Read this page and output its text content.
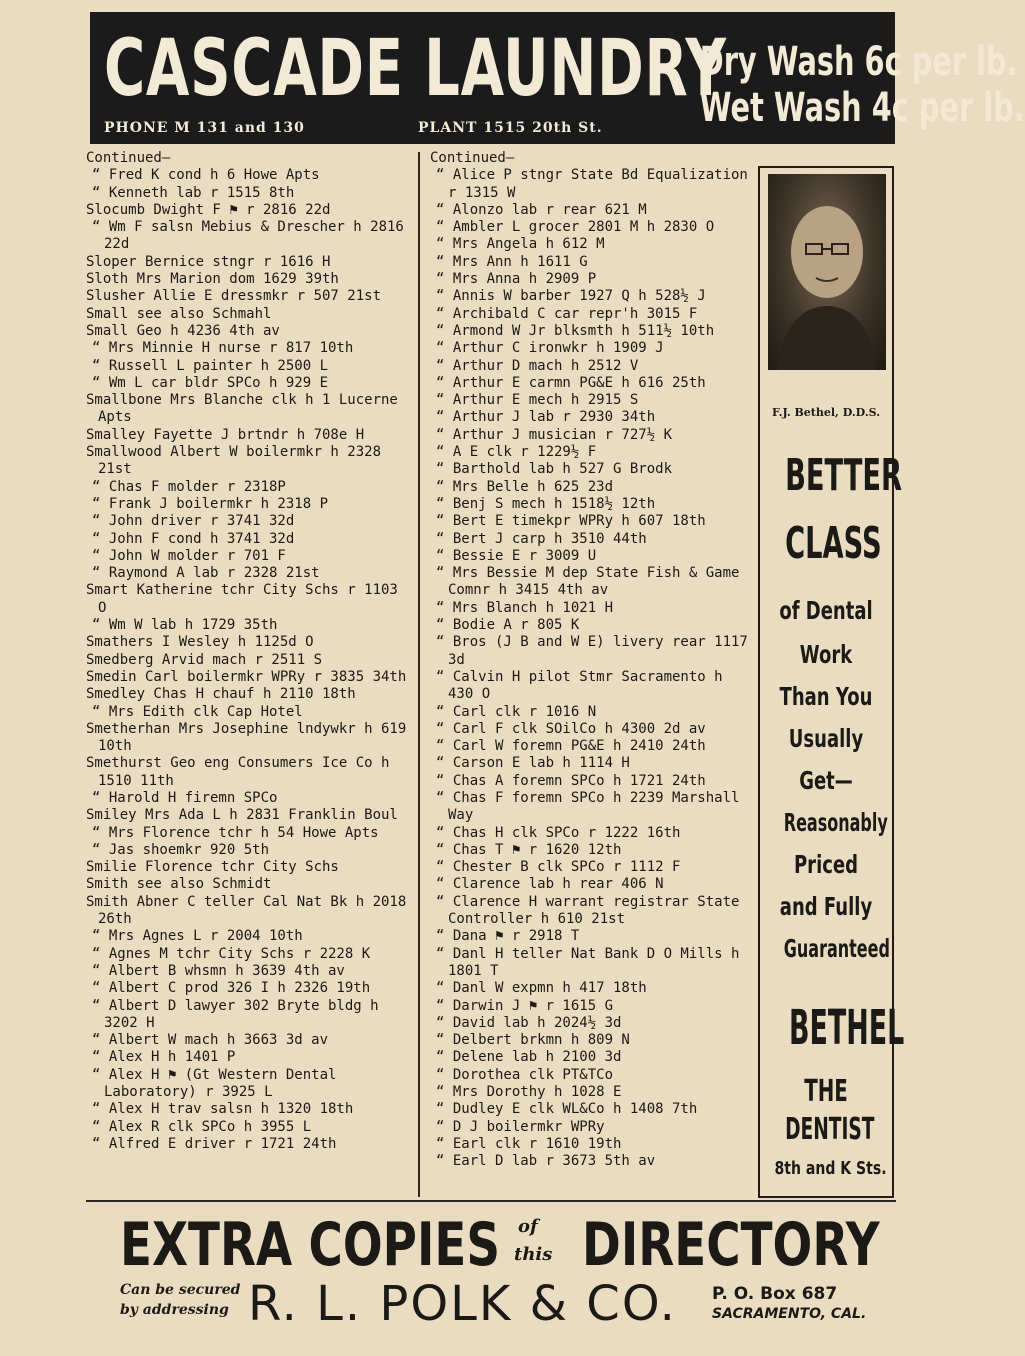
CASCADE LAUNDRY
Dry Wash 6c per lb.
Wet Wash 4c per lb.
PHONE M 131 and 130	PLANT 1515 20th St.
Continued—
“ Fred K cond h 6 Howe Apts
“ Kenneth lab r 1515 8th
Slocumb Dwight F ⚑ r 2816 22d
“ Wm F salsn Mebius & Drescher h 2816 22d
Sloper Bernice stngr r 1616 H
Sloth Mrs Marion dom 1629 39th
Slusher Allie E dressmkr r 507 21st
Small see also Schmahl
Small Geo h 4236 4th av
“ Mrs Minnie H nurse r 817 10th
“ Russell L painter h 2500 L
“ Wm L car bldr SPCo h 929 E
Smallbone Mrs Blanche clk h 1 Lucerne Apts
Smalley Fayette J brtndr h 708e H
Smallwood Albert W boilermkr h 2328 21st
“ Chas F molder r 2318P
“ Frank J boilermkr h 2318 P
“ John driver r 3741 32d
“ John F cond h 3741 32d
“ John W molder r 701 F
“ Raymond A lab r 2328 21st
Smart Katherine tchr City Schs r 1103 O
“ Wm W lab h 1729 35th
Smathers I Wesley h 1125d O
Smedberg Arvid mach r 2511 S
Smedin Carl boilermkr WPRy r 3835 34th
Smedley Chas H chauf h 2110 18th
“ Mrs Edith clk Cap Hotel
Smetherhan Mrs Josephine lndywkr h 619 10th
Smethurst Geo eng Consumers Ice Co h 1510 11th
“ Harold H firemn SPCo
Smiley Mrs Ada L h 2831 Franklin Boul
“ Mrs Florence tchr h 54 Howe Apts
“ Jas shoemkr 920 5th
Smilie Florence tchr City Schs
Smith see also Schmidt
Smith Abner C teller Cal Nat Bk h 2018 26th
“ Mrs Agnes L r 2004 10th
“ Agnes M tchr City Schs r 2228 K
“ Albert B whsmn h 3639 4th av
“ Albert C prod 326 I h 2326 19th
“ Albert D lawyer 302 Bryte bldg h 3202 H
“ Albert W mach h 3663 3d av
“ Alex H h 1401 P
“ Alex H ⚑ (Gt Western Dental Laboratory) r 3925 L
“ Alex H trav salsn h 1320 18th
“ Alex R clk SPCo h 3955 L
“ Alfred E driver r 1721 24th
Continued—
“ Alice P stngr State Bd Equalization r 1315 W
“ Alonzo lab r rear 621 M
“ Ambler L grocer 2801 M h 2830 O
“ Mrs Angela h 612 M
“ Mrs Ann h 1611 G
“ Mrs Anna h 2909 P
“ Annis W barber 1927 Q h 528½ J
“ Archibald C car repr'h 3015 F
“ Armond W Jr blksmth h 511½ 10th
“ Arthur C ironwkr h 1909 J
“ Arthur D mach h 2512 V
“ Arthur E carmn PG&E h 616 25th
“ Arthur E mech h 2915 S
“ Arthur J lab r 2930 34th
“ Arthur J musician r 727½ K
“ A E clk r 1229½ F
“ Barthold lab h 527 G Brodk
“ Mrs Belle h 625 23d
“ Benj S mech h 1518½ 12th
“ Bert E timekpr WPRy h 607 18th
“ Bert J carp h 3510 44th
“ Bessie E r 3009 U
“ Mrs Bessie M dep State Fish & Game Comnr h 3415 4th av
“ Mrs Blanch h 1021 H
“ Bodie A r 805 K
“ Bros (J B and W E) livery rear 1117 3d
“ Calvin H pilot Stmr Sacramento h 430 O
“ Carl clk r 1016 N
“ Carl F clk SOilCo h 4300 2d av
“ Carl W foremn PG&E h 2410 24th
“ Carson E lab h 1114 H
“ Chas A foremn SPCo h 1721 24th
“ Chas F foremn SPCo h 2239 Marshall Way
“ Chas H clk SPCo r 1222 16th
“ Chas T ⚑ r 1620 12th
“ Chester B clk SPCo r 1112 F
“ Clarence lab h rear 406 N
“ Clarence H warrant registrar State Controller h 610 21st
“ Dana ⚑ r 2918 T
“ Danl H teller Nat Bank D O Mills h 1801 T
“ Danl W expmn h 417 18th
“ Darwin J ⚑ r 1615 G
“ David lab h 2024½ 3d
“ Delbert brkmn h 809 N
“ Delene lab h 2100 3d
“ Dorothea clk PT&TCo
“ Mrs Dorothy h 1028 E
“ Dudley E clk WL&Co h 1408 7th
“ D J boilermkr WPRy
“ Earl clk r 1610 19th
“ Earl D lab r 3673 5th av
F.J. Bethel, D.D.S.
BETTER
CLASS
of Dental
Work
Than You
Usually
Get—
Reasonably
Priced
and Fully
Guaranteed
BETHEL
THE
DENTIST
8th and K Sts.
EXTRA COPIES of
this DIRECTORY
Can be secured
by addressing R. L. POLK & CO. P. O. Box 687
SACRAMENTO, CAL.
